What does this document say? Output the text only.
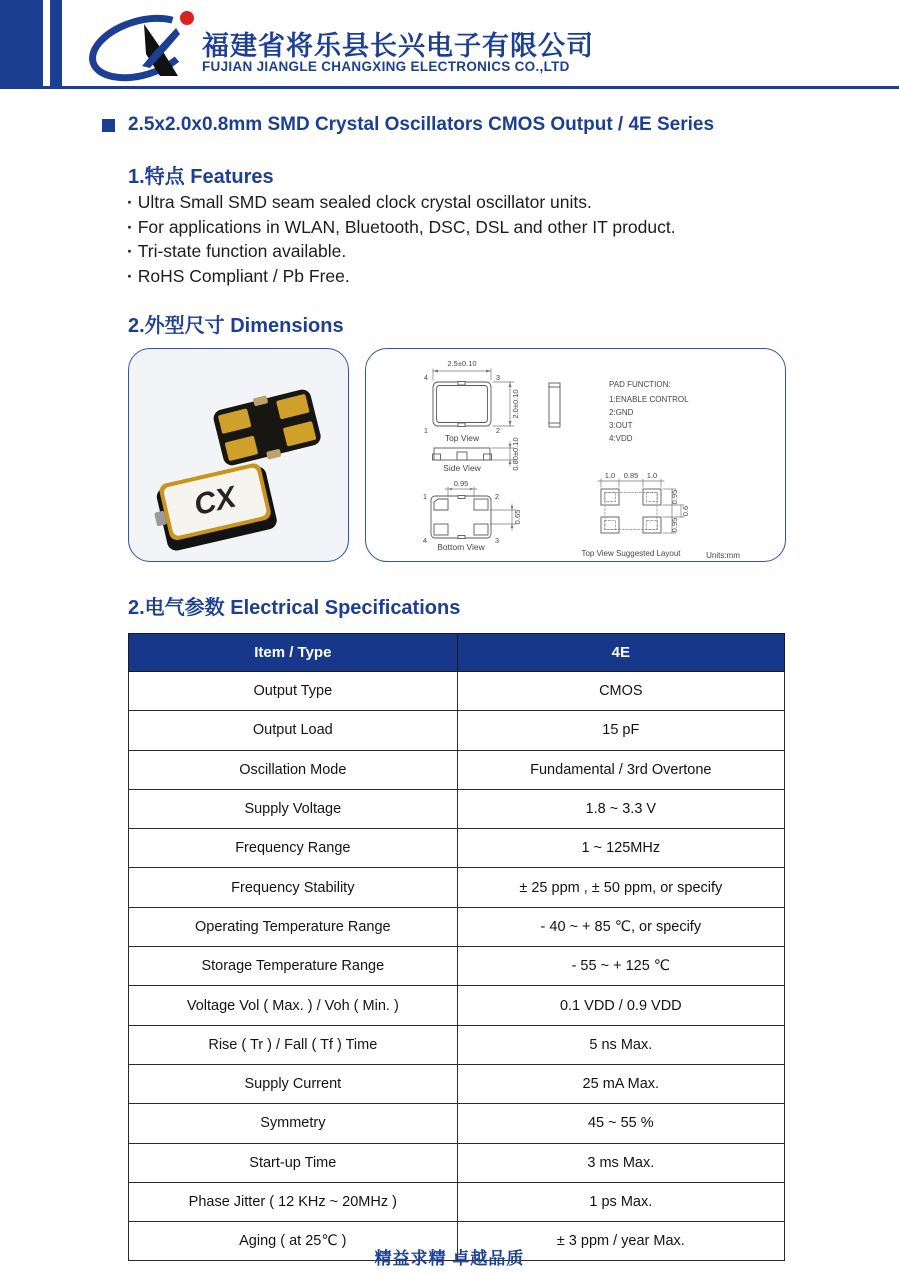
福建省将乐县长兴电子有限公司
FUJIAN JIANGLE CHANGXING ELECTRONICS CO.,LTD
2.5x2.0x0.8mm SMD Crystal Oscillators CMOS Output / 4E Series
1.特点 Features
· Ultra Small SMD seam sealed clock crystal oscillator units.
· For applications in WLAN, Bluetooth, DSC, DSL and other IT product.
· Tri-state function available.
· RoHS Compliant / Pb Free.
2.外型尺寸 Dimensions
CX
2.5±0.10
2.0±0.10
4	3
1	2
Top View	0.80±0.10
Side View
PAD FUNCTION:
1:ENABLE CONTROL
2:GND
3:OUT
4:VDD
0.95
0.65
1	2
4	3
Bottom View
1.0 0.85 1.0
0.95
0.6
0.95
Top View Suggested Layout	Units:mm
2.电气参数 Electrical Specifications
Item / Type	4E
Output Type	CMOS
Output Load	15 pF
Oscillation Mode	Fundamental / 3rd Overtone
Supply Voltage	1.8 ~ 3.3 V
Frequency Range	1 ~ 125MHz
Frequency Stability	± 25 ppm , ± 50 ppm, or specify
Operating Temperature Range	- 40 ~ + 85 ℃, or specify
Storage Temperature Range	- 55 ~ + 125 ℃
Voltage Vol ( Max. ) / Voh ( Min. )	0.1 VDD / 0.9 VDD
Rise ( Tr ) / Fall ( Tf ) Time	5 ns Max.
Supply Current	25 mA Max.
Symmetry	45 ~ 55 %
Start-up Time	3 ms Max.
Phase Jitter ( 12 KHz ~ 20MHz )	1 ps Max.
Aging ( at 25℃ )	± 3 ppm / year Max.
精益求精 卓越品质
